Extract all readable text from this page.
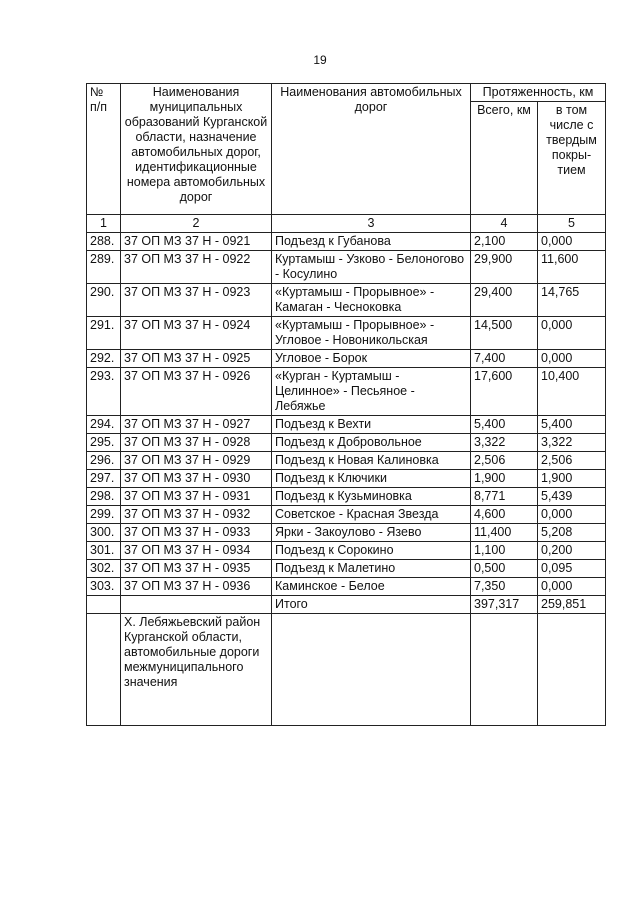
19
№ п/п	Наименования муниципальных образований Курганской области, назначение автомобильных дорог, идентификационные номера автомобильных дорог	Наименования автомобильных дорог	Протяженность, км	
			Всего, км	в том числе с твердым покры-тием
1	2	3	4	5
288.	37 ОП МЗ 37 Н - 0921	Подъезд к Губанова	2,100	0,000
289.	37 ОП МЗ 37 Н - 0922	Куртамыш - Узково - Белоногово - Косулино	29,900	11,600
290.	37 ОП МЗ 37 Н - 0923	«Куртамыш - Прорывное» - Камаган - Чесноковка	29,400	14,765
291.	37 ОП МЗ 37 Н - 0924	«Куртамыш - Прорывное» - Угловое - Новоникольская	14,500	0,000
292.	37 ОП МЗ 37 Н - 0925	Угловое - Борок	7,400	0,000
293.	37 ОП МЗ 37 Н - 0926	«Курган - Куртамыш - Целинное» - Песьяное - Лебяжье	17,600	10,400
294.	37 ОП МЗ 37 Н - 0927	Подъезд к Вехти	5,400	5,400
295.	37 ОП МЗ 37 Н - 0928	Подъезд к Добровольное	3,322	3,322
296.	37 ОП МЗ 37 Н - 0929	Подъезд к Новая Калиновка	2,506	2,506
297.	37 ОП МЗ 37 Н - 0930	Подъезд к Ключики	1,900	1,900
298.	37 ОП МЗ 37 Н - 0931	Подъезд к Кузьминовка	8,771	5,439
299.	37 ОП МЗ 37 Н - 0932	Советское - Красная Звезда	4,600	0,000
300.	37 ОП МЗ 37 Н - 0933	Ярки - Закоулово - Язево	11,400	5,208
301.	37 ОП МЗ 37 Н - 0934	Подъезд к Сорокино	1,100	0,200
302.	37 ОП МЗ 37 Н - 0935	Подъезд к Малетино	0,500	0,095
303.	37 ОП МЗ 37 Н - 0936	Каминское - Белое	7,350	0,000
		Итого	397,317	259,851
	X. Лебяжьевский район Курганской области, автомобильные дороги межмуниципального значения			
